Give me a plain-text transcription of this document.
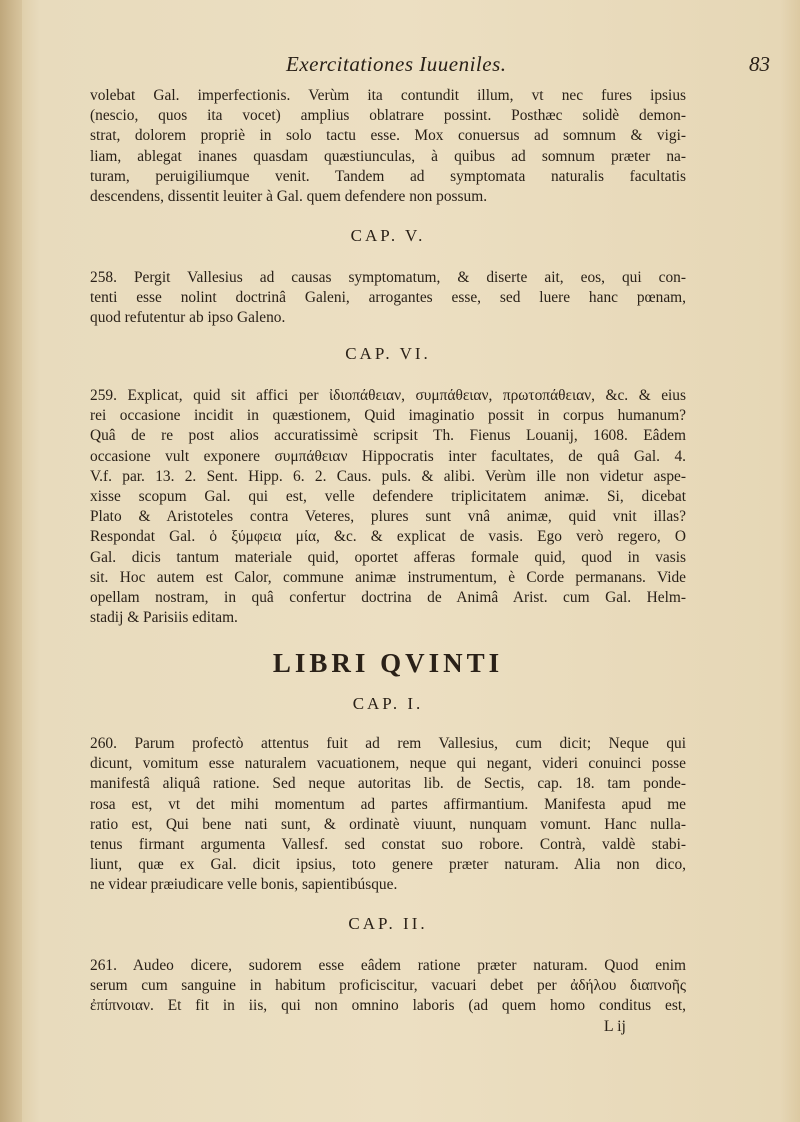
Exercitationes Iuueniles.	83
volebat Gal. imperfectionis. Verùm ita contundit illum, vt nec fures ipsius
(nescio, quos ita vocet) amplius oblatrare possint. Posthæc solidè demon-
strat, dolorem propriè in solo tactu esse. Mox conuersus ad somnum & vigi-
liam, ablegat inanes quasdam quæstiunculas, à quibus ad somnum præter na-
turam, peruigiliumque venit. Tandem ad symptomata naturalis facultatis
descendens, dissentit leuiter à Gal. quem defendere non possum.
CAP. V.
258. Pergit Vallesius ad causas symptomatum, & diserte ait, eos, qui con-
tenti esse nolint doctrinâ Galeni, arrogantes esse, sed luere hanc pœnam,
quod refutentur ab ipso Galeno.
CAP. VI.
259. Explicat, quid sit affici per ἰδιοπάθειαν, συμπάθειαν, πρωτοπάθειαν, &c. & eius
rei occasione incidit in quæstionem, Quid imaginatio possit in corpus humanum?
Quâ de re post alios accuratissimè scripsit Th. Fienus Louanij, 1608. Eâdem
occasione vult exponere συμπάθειαν Hippocratis inter facultates, de quâ Gal. 4.
V.f. par. 13. 2. Sent. Hipp. 6. 2. Caus. puls. & alibi. Verùm ille non videtur aspe-
xisse scopum Gal. qui est, velle defendere triplicitatem animæ. Si, dicebat
Plato & Aristoteles contra Veteres, plures sunt vnâ animæ, quid vnit illas?
Respondat Gal. ὁ ξύμφεια μία, &c. & explicat de vasis. Ego verò regero, O
Gal. dicis tantum materiale quid, oportet afferas formale quid, quod in vasis
sit. Hoc autem est Calor, commune animæ instrumentum, è Corde permanans. Vide
opellam nostram, in quâ confertur doctrina de Animâ Arist. cum Gal. Helm-
stadij & Parisiis editam.
LIBRI QVINTI
CAP. I.
260. Parum profectò attentus fuit ad rem Vallesius, cum dicit; Neque qui
dicunt, vomitum esse naturalem vacuationem, neque qui negant, videri conuinci posse
manifestâ aliquâ ratione. Sed neque autoritas lib. de Sectis, cap. 18. tam ponde-
rosa est, vt det mihi momentum ad partes affirmantium. Manifesta apud me
ratio est, Qui bene nati sunt, & ordinatè viuunt, nunquam vomunt. Hanc nulla-
tenus firmant argumenta Vallesf. sed constat suo robore. Contrà, valdè stabi-
liunt, quæ ex Gal. dicit ipsius, toto genere præter naturam. Alia non dico,
ne videar præiudicare velle bonis, sapientibúsque.
CAP. II.
261. Audeo dicere, sudorem esse eâdem ratione præter naturam. Quod enim
serum cum sanguine in habitum proficiscitur, vacuari debet per ἀδήλου διαπνοῆς
ἐπίπνοιαν. Et fit in iis, qui non omnino laboris (ad quem homo conditus est,
L ij
